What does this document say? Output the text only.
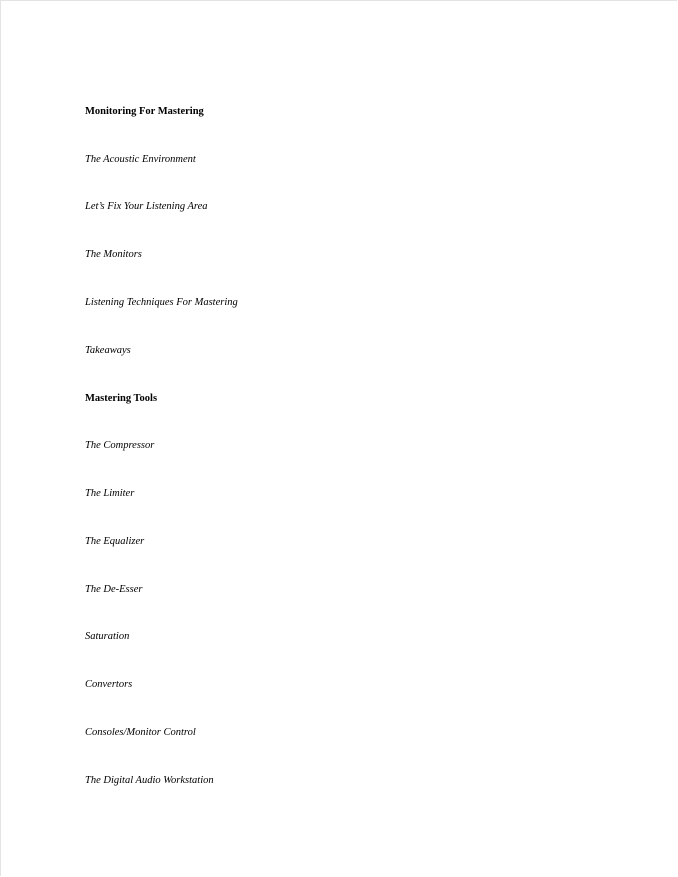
Monitoring For Mastering
The Acoustic Environment
Let’s Fix Your Listening Area
The Monitors
Listening Techniques For Mastering
Takeaways
Mastering Tools
The Compressor
The Limiter
The Equalizer
The De-Esser
Saturation
Convertors
Consoles/Monitor Control
The Digital Audio Workstation
